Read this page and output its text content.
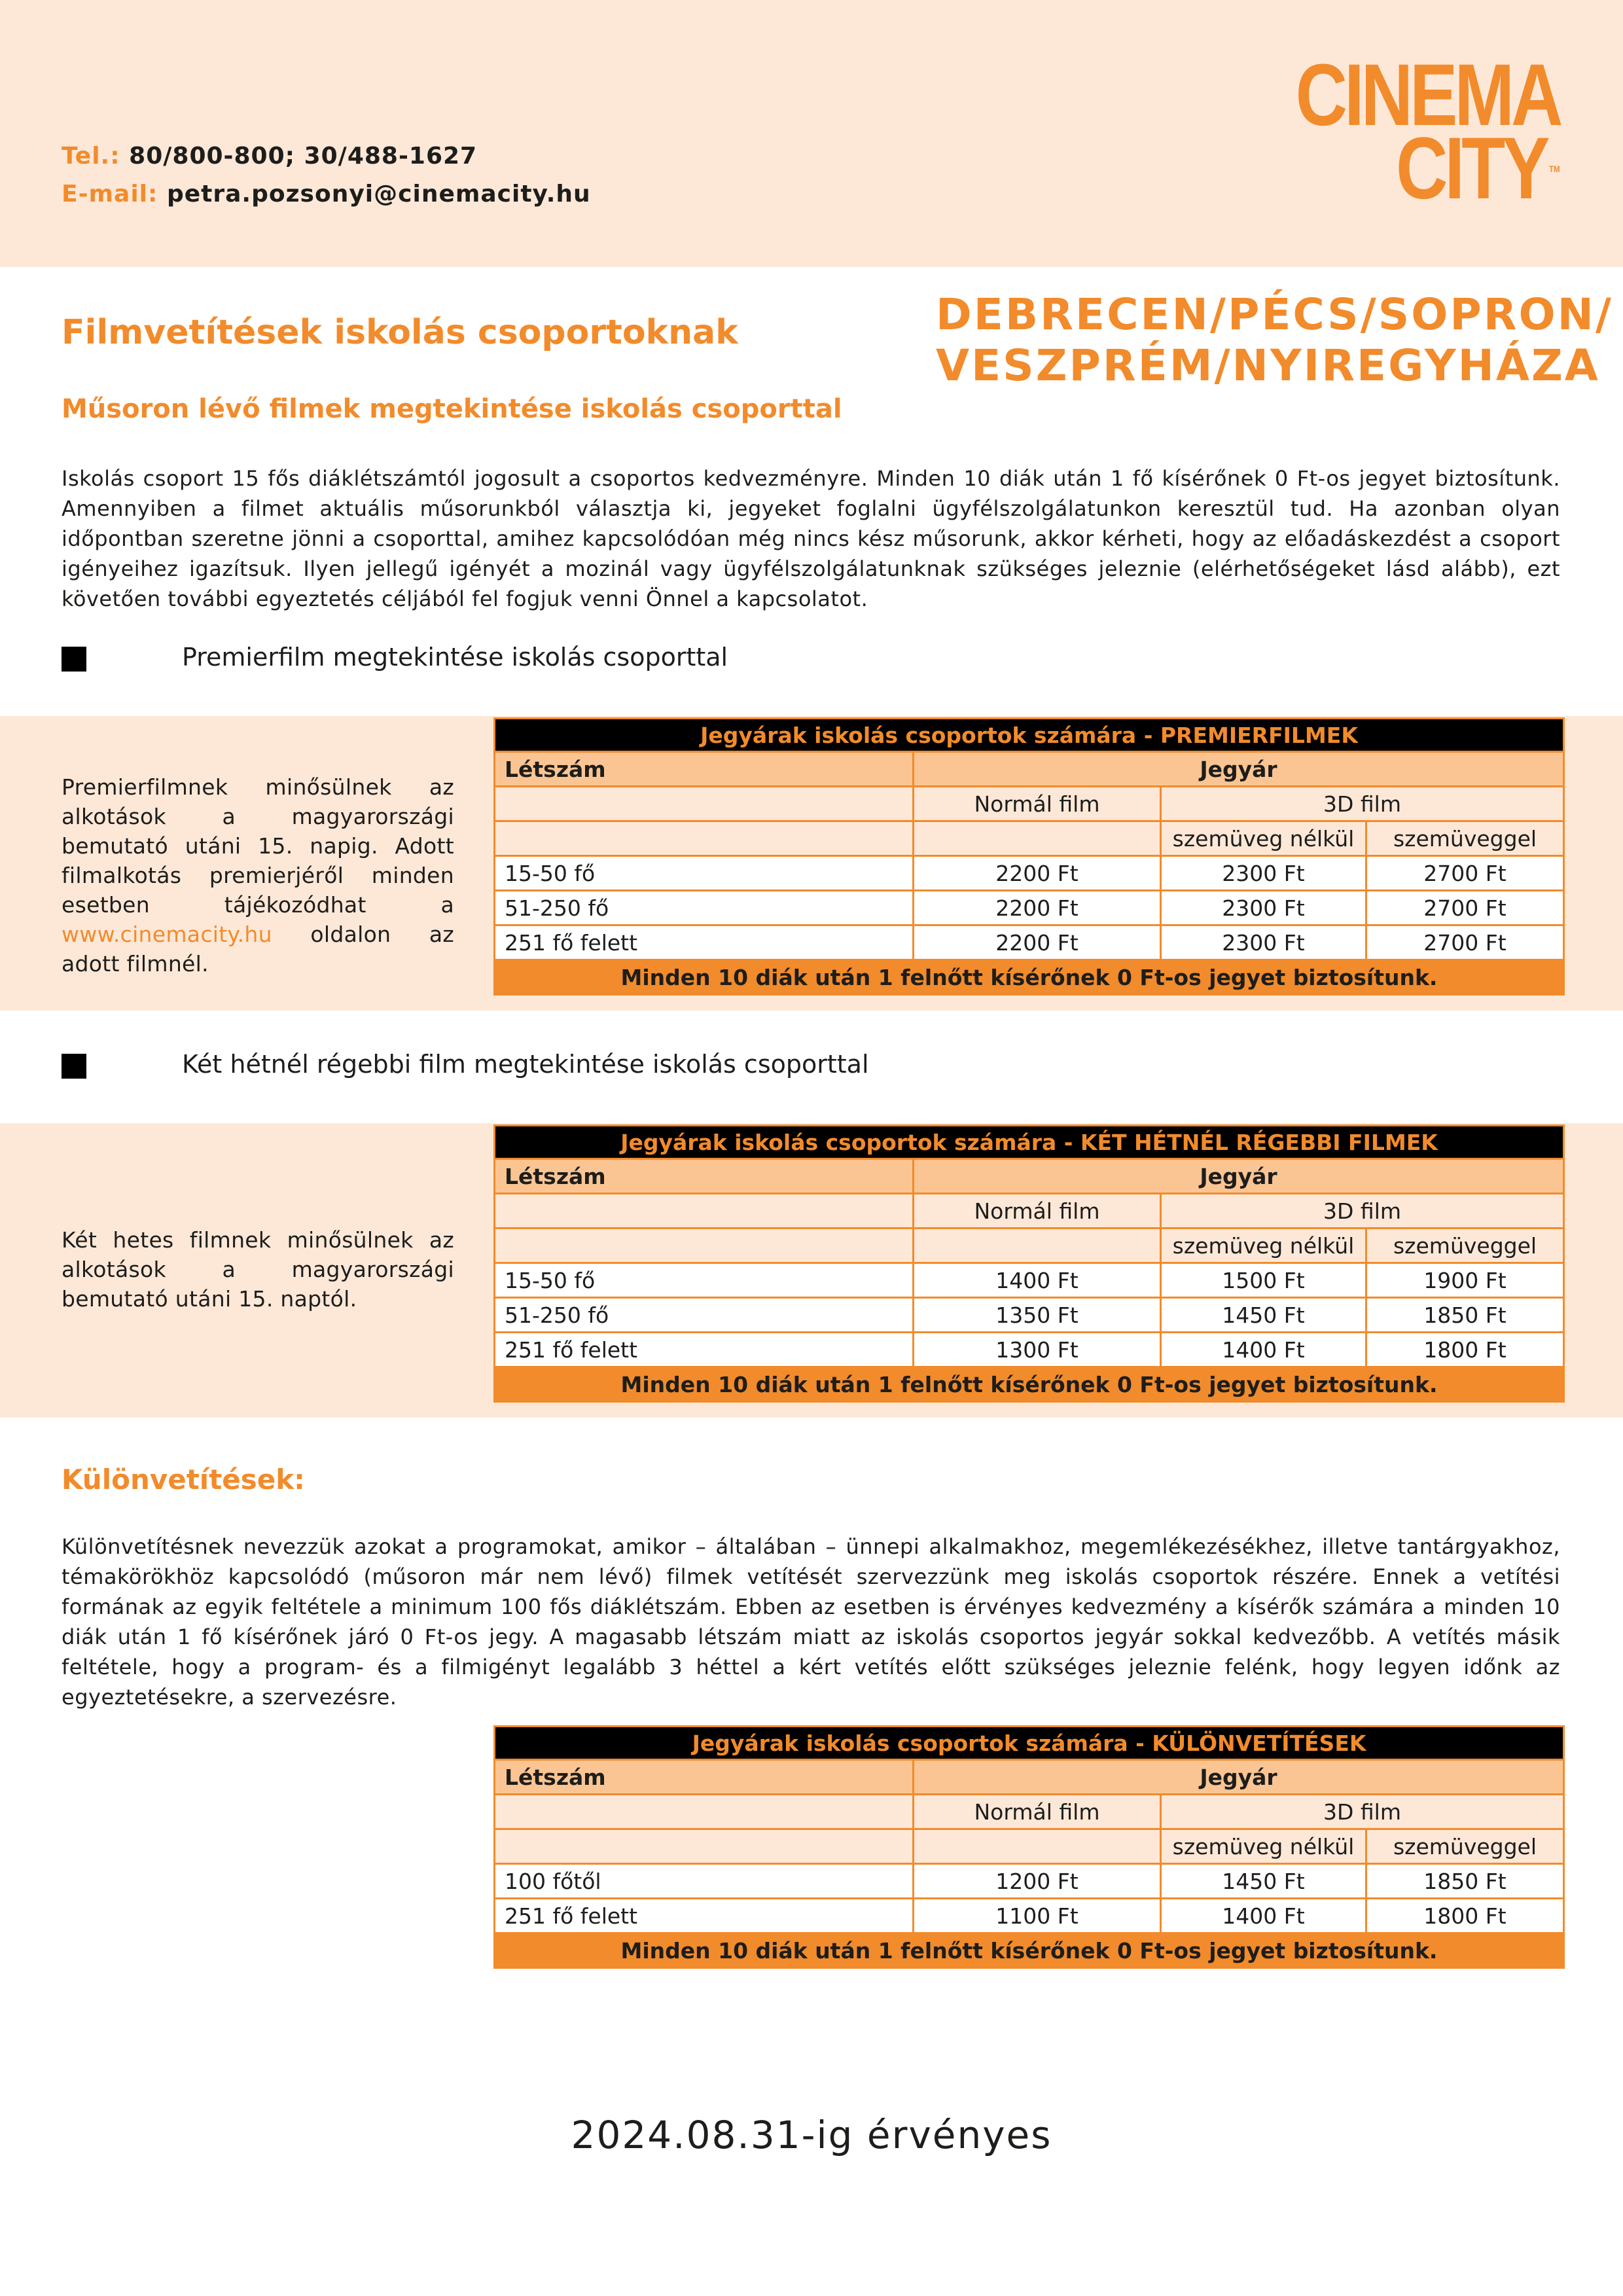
Tel.: 80/800-800; 30/488-1627
E-mail: petra.pozsonyi@cinemacity.hu
CINEMA
CITY TM
Filmvetítések iskolás csoportoknak	DEBRECEN/PÉCS/SOPRON/
VESZPRÉM/NYIREGYHÁZA
Műsoron lévő filmek megtekintése iskolás csoporttal
Iskolás csoport 15 fős diáklétszámtól jogosult a csoportos kedvezményre. Minden 10 diák után 1 fő kísérőnek 0 Ft-os jegyet biztosítunk. Amennyiben a filmet aktuális műsorunkból választja ki, jegyeket foglalni ügyfélszolgálatunkon keresztül tud. Ha azonban olyan időpontban szeretne jönni a csoporttal, amihez kapcsolódóan még nincs kész műsorunk, akkor kérheti, hogy az előadáskezdést a csoport igényeihez igazítsuk. Ilyen jellegű igényét a mozinál vagy ügyfélszolgálatunknak szükséges jeleznie (elérhetőségeket lásd alább), ezt követően további egyeztetés céljából fel fogjuk venni Önnel a kapcsolatot.
Premierfilm megtekintése iskolás csoporttal
Premierfilmnek minősülnek az alkotások a magyarországi bemutató utáni 15. napig. Adott filmalkotás premierjéről minden esetben tájékozódhat a www.cinemacity.hu oldalon az adott filmnél.
Jegyárak iskolás csoportok számára - PREMIERFILMEK			
Létszám	Jegyár		
	Normál film	3D film	
		szemüveg nélkül	szemüveggel
15-50 fő	2200 Ft	2300 Ft	2700 Ft
51-250 fő	2200 Ft	2300 Ft	2700 Ft
251 fő felett	2200 Ft	2300 Ft	2700 Ft
Minden 10 diák után 1 felnőtt kísérőnek 0 Ft-os jegyet biztosítunk.			
Két hétnél régebbi film megtekintése iskolás csoporttal
Két hetes filmnek minősülnek az alkotások a magyarországi bemutató utáni 15. naptól.
Jegyárak iskolás csoportok számára - KÉT HÉTNÉL RÉGEBBI FILMEK			
Létszám	Jegyár		
	Normál film	3D film	
		szemüveg nélkül	szemüveggel
15-50 fő	1400 Ft	1500 Ft	1900 Ft
51-250 fő	1350 Ft	1450 Ft	1850 Ft
251 fő felett	1300 Ft	1400 Ft	1800 Ft
Minden 10 diák után 1 felnőtt kísérőnek 0 Ft-os jegyet biztosítunk.			
Különvetítések:
Különvetítésnek nevezzük azokat a programokat, amikor – általában – ünnepi alkalmakhoz, megemlékezésékhez, illetve tantárgyakhoz, témakörökhöz kapcsolódó (műsoron már nem lévő) filmek vetítését szervezzünk meg iskolás csoportok részére. Ennek a vetítési formának az egyik feltétele a minimum 100 fős diáklétszám. Ebben az esetben is érvényes kedvezmény a kísérők számára a minden 10 diák után 1 fő kísérőnek járó 0 Ft-os jegy. A magasabb létszám miatt az iskolás csoportos jegyár sokkal kedvezőbb. A vetítés másik feltétele, hogy a program- és a filmigényt legalább 3 héttel a kért vetítés előtt szükséges jeleznie felénk, hogy legyen időnk az egyeztetésekre, a szervezésre.
Jegyárak iskolás csoportok számára - KÜLÖNVETÍTÉSEK			
Létszám	Jegyár		
	Normál film	3D film	
		szemüveg nélkül	szemüveggel
100 főtől	1200 Ft	1450 Ft	1850 Ft
251 fő felett	1100 Ft	1400 Ft	1800 Ft
Minden 10 diák után 1 felnőtt kísérőnek 0 Ft-os jegyet biztosítunk.			
2024.08.31-ig érvényes
